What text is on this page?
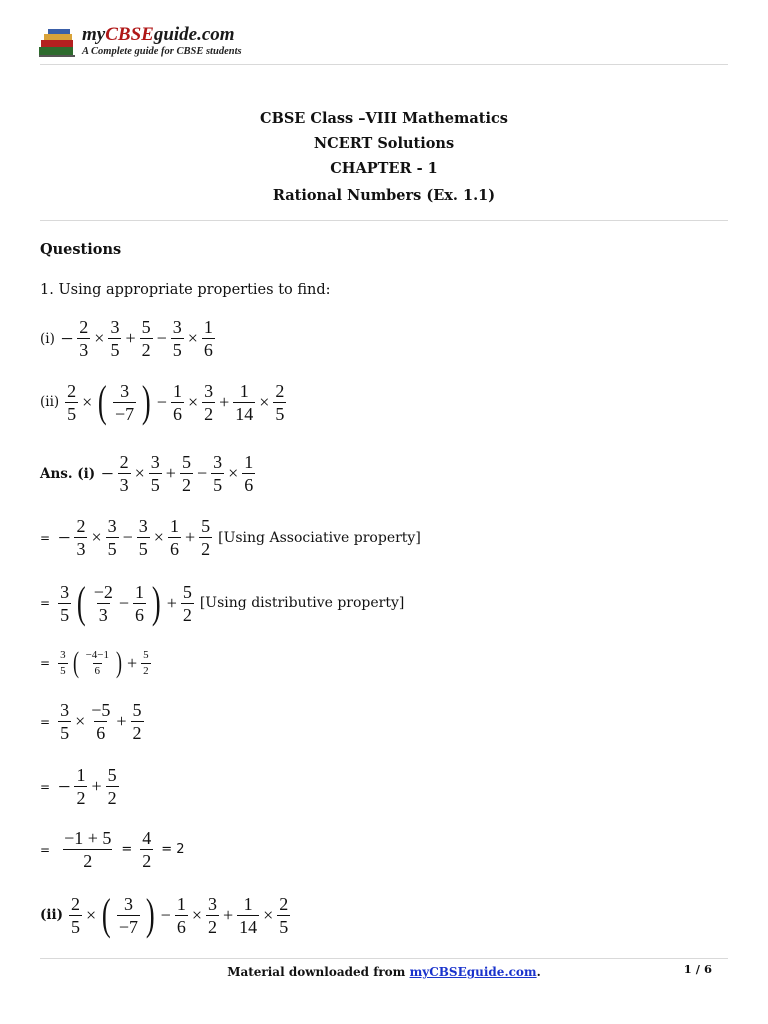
myCBSEguide.com
A Complete guide for CBSE students
CBSE Class –VIII Mathematics
NCERT Solutions
CHAPTER - 1
Rational Numbers (Ex. 1.1)
Questions
1. Using appropriate properties to find:
$(i) - \frac{2}{3} \times \frac{3}{5} + \frac{5}{2} - \frac{3}{5} \times \frac{1}{6}$
$(ii) \frac{2}{5}$ × ( 3
−7 ) − $\frac{1}{6} \times \frac{3}{2} + \frac{1}{14} \times \frac{2}{5}$
Ans. $(i) - \frac{2}{3} \times \frac{3}{5} + \frac{5}{2} - \frac{3}{5} \times \frac{1}{6}$
= − $\frac{2}{3} \times \frac{3}{5} - \frac{3}{5} \times \frac{1}{6} + \frac{5}{2} [Using$ Associative property]
= $\frac{3}{5}$ ( −2
3
− $\frac{1}{6}$ ) + $\frac{5}{2} [Using$ distributive property]
= $\frac{3}{5}$ ( −4−1
6 ) + $\frac{5}{2}$
= $\frac{3}{5} \times \frac{-5}{6} + \frac{5}{2}$
= − $\frac{1}{2} + \frac{5}{2}$
= $\frac{-1 + 5}{2} = \frac{4}{2} = 2$
$(ii) \frac{2}{5}$ × ( 3
−7 ) − $\frac{1}{6} \times \frac{3}{2} + \frac{1}{14} \times \frac{2}{5}$
Material downloaded from myCBSEguide.com.	1 / 6
